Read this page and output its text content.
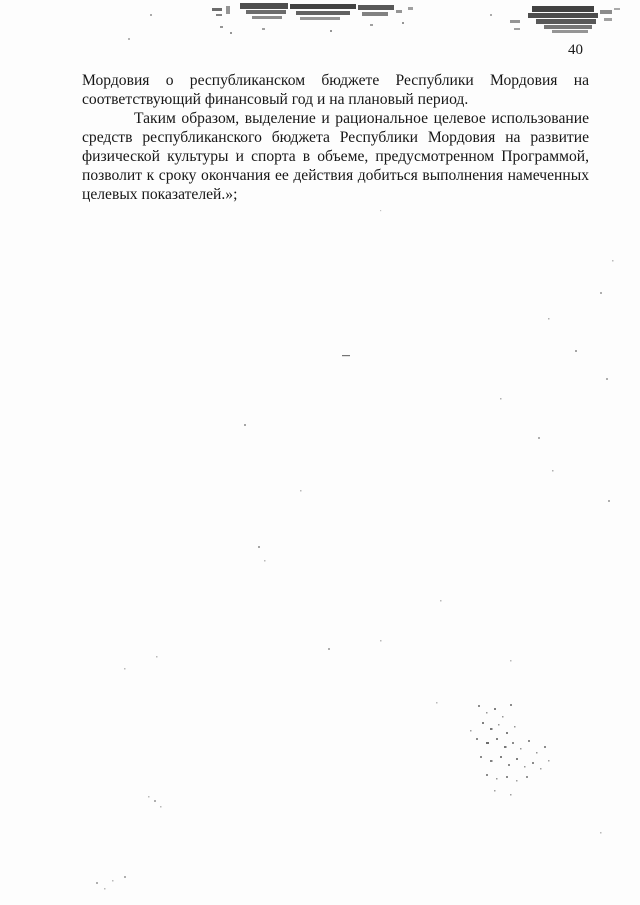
40

Мордовия о республиканском бюджете Республики Мордовия на соответствующий финансовый год и на плановый период.

Таким образом, выделение и рациональное целевое использование средств республиканского бюджета Республики Мордовия на развитие физической культуры и спорта в объеме, предусмотренном Программой, позволит к сроку окончания ее действия добиться выполнения намеченных целевых показателей.»;
